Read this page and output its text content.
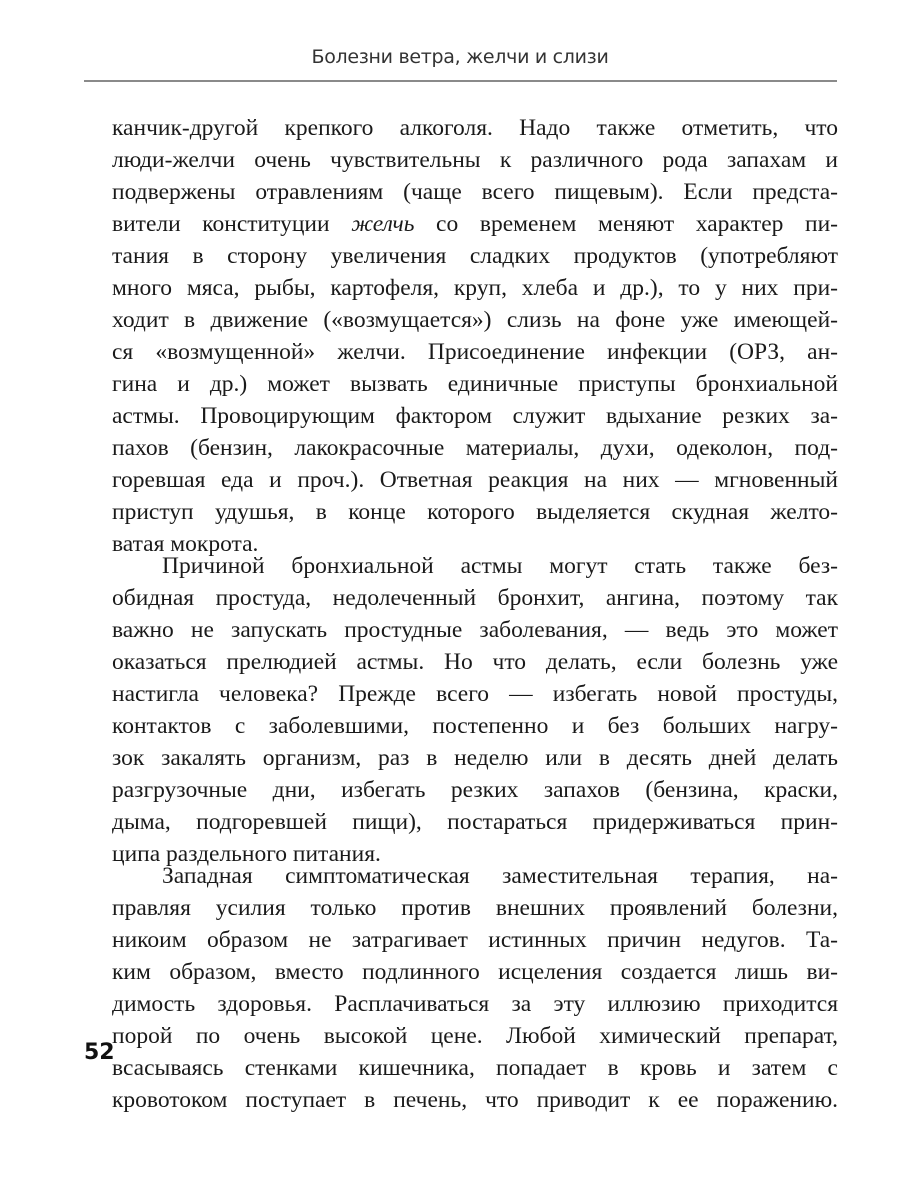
Болезни ветра, желчи и слизи
канчик-другой крепкого алкоголя. Надо также отметить, что
люди-желчи очень чувствительны к различного рода запахам и
подвержены отравлениям (чаще всего пищевым). Если предста-
вители конституции желчь со временем меняют характер пи-
тания в сторону увеличения сладких продуктов (употребляют
много мяса, рыбы, картофеля, круп, хлеба и др.), то у них при-
ходит в движение («возмущается») слизь на фоне уже имеющей-
ся «возмущенной» желчи. Присоединение инфекции (ОРЗ, ан-
гина и др.) может вызвать единичные приступы бронхиальной
астмы. Провоцирующим фактором служит вдыхание резких за-
пахов (бензин, лакокрасочные материалы, духи, одеколон, под-
горевшая еда и проч.). Ответная реакция на них — мгновенный
приступ удушья, в конце которого выделяется скудная желто-
ватая мокрота.
Причиной бронхиальной астмы могут стать также без-
обидная простуда, недолеченный бронхит, ангина, поэтому так
важно не запускать простудные заболевания, — ведь это может
оказаться прелюдией астмы. Но что делать, если болезнь уже
настигла человека? Прежде всего — избегать новой простуды,
контактов с заболевшими, постепенно и без больших нагру-
зок закалять организм, раз в неделю или в десять дней делать
разгрузочные дни, избегать резких запахов (бензина, краски,
дыма, подгоревшей пищи), постараться придерживаться прин-
ципа раздельного питания.
Западная симптоматическая заместительная терапия, на-
правляя усилия только против внешних проявлений болезни,
никоим образом не затрагивает истинных причин недугов. Та-
ким образом, вместо подлинного исцеления создается лишь ви-
димость здоровья. Расплачиваться за эту иллюзию приходится
порой по очень высокой цене. Любой химический препарат,
всасываясь стенками кишечника, попадает в кровь и затем с
кровотоком поступает в печень, что приводит к ее поражению.
52
